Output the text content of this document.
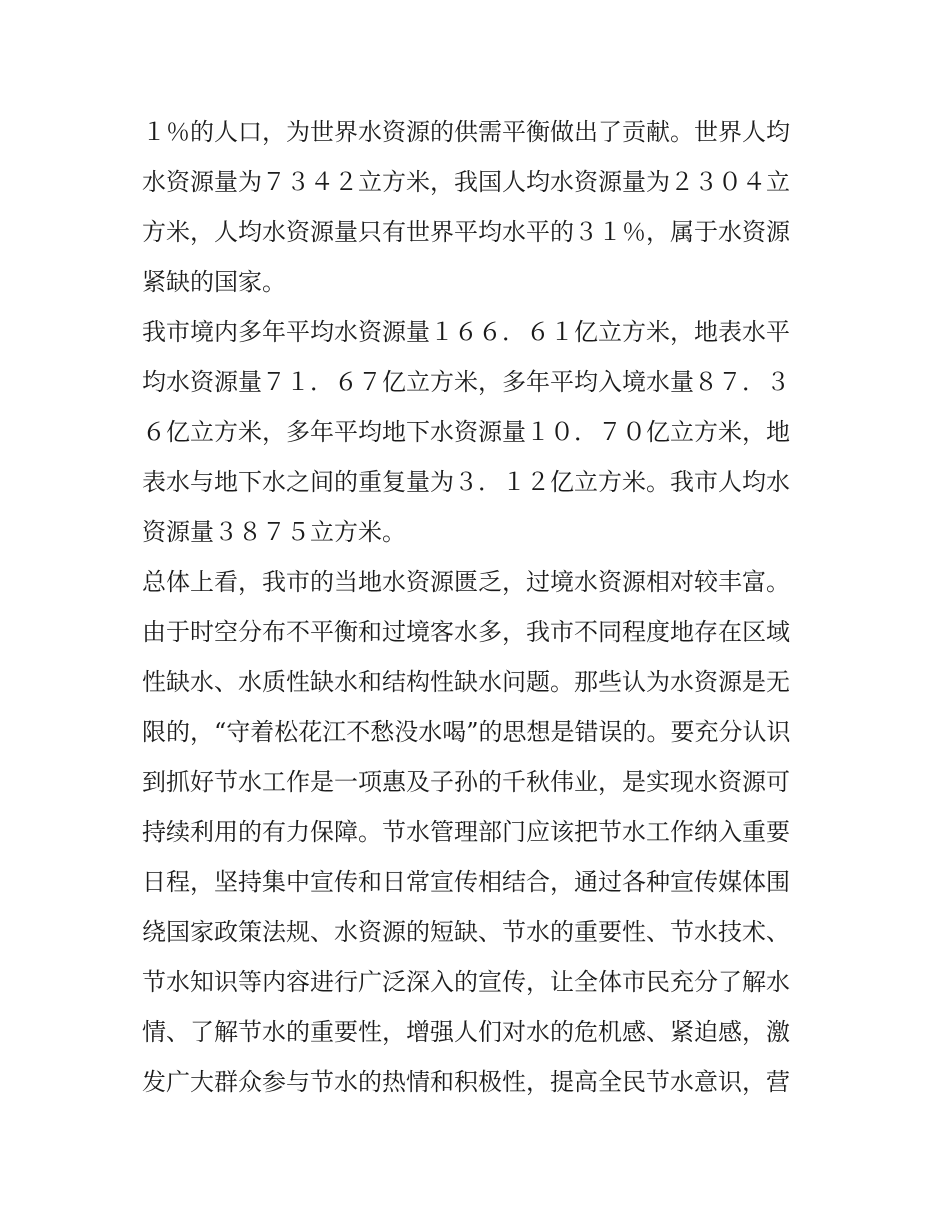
１％的人口，为世界水资源的供需平衡做出了贡献。世界人均
水资源量为７３４２立方米，我国人均水资源量为２３０４立
方米，人均水资源量只有世界平均水平的３１％，属于水资源
紧缺的国家。
我市境内多年平均水资源量１６６．６１亿立方米，地表水平
均水资源量７１．６７亿立方米，多年平均入境水量８７．３
６亿立方米，多年平均地下水资源量１０．７０亿立方米，地
表水与地下水之间的重复量为３．１２亿立方米。我市人均水
资源量３８７５立方米。
总体上看，我市的当地水资源匮乏，过境水资源相对较丰富。
由于时空分布不平衡和过境客水多，我市不同程度地存在区域
性缺水、水质性缺水和结构性缺水问题。那些认为水资源是无
限的，“守着松花江不愁没水喝”的思想是错误的。要充分认识
到抓好节水工作是一项惠及子孙的千秋伟业，是实现水资源可
持续利用的有力保障。节水管理部门应该把节水工作纳入重要
日程，坚持集中宣传和日常宣传相结合，通过各种宣传媒体围
绕国家政策法规、水资源的短缺、节水的重要性、节水技术、
节水知识等内容进行广泛深入的宣传，让全体市民充分了解水
情、了解节水的重要性，增强人们对水的危机感、紧迫感，激
发广大群众参与节水的热情和积极性，提高全民节水意识，营
